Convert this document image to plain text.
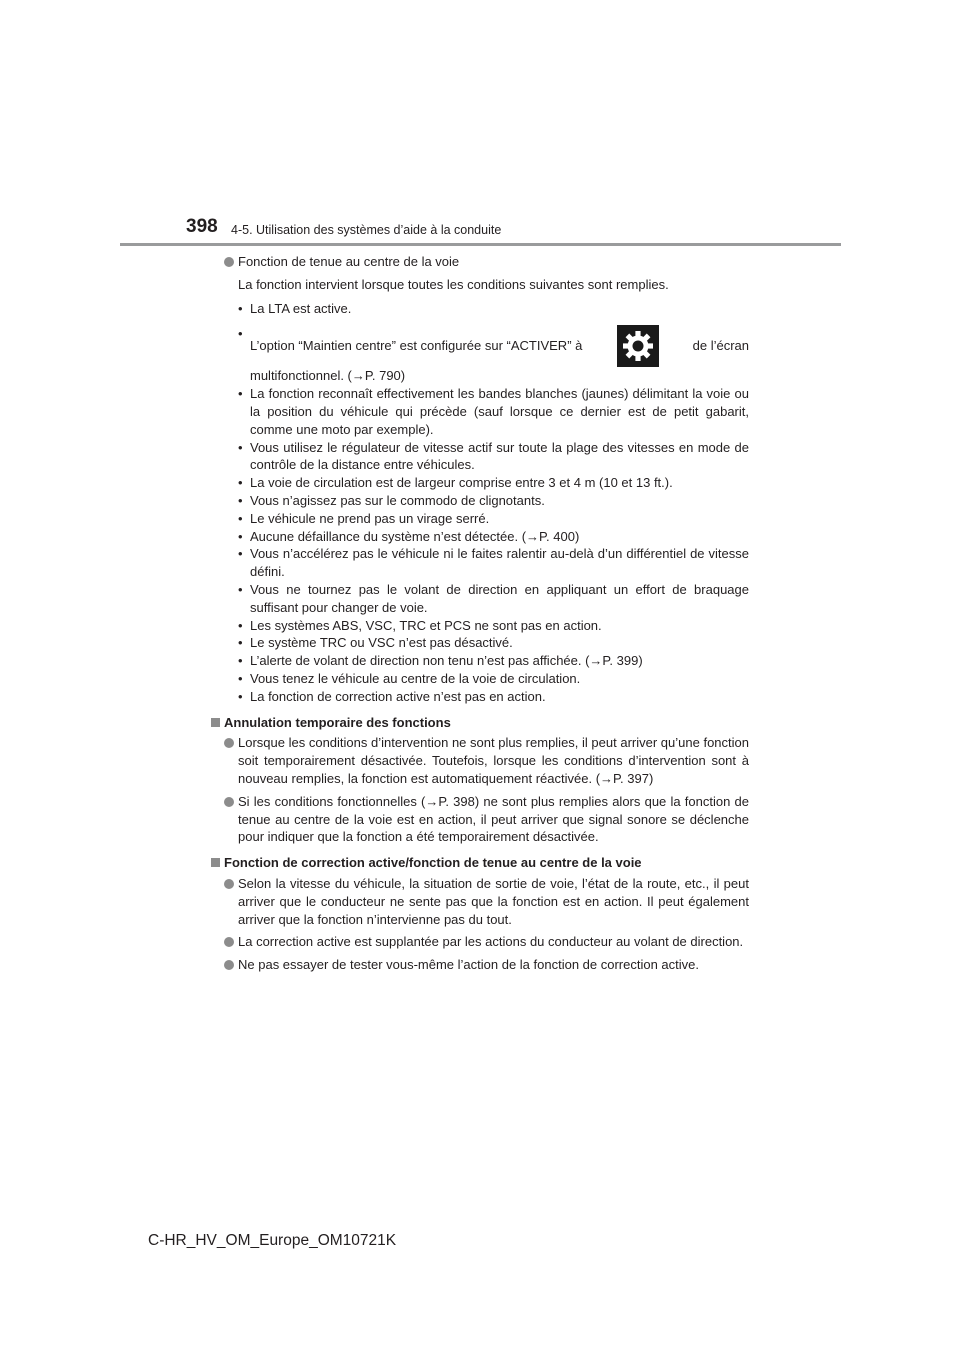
398 4-5. Utilisation des systèmes d’aide à la conduite
Fonction de tenue au centre de la voie
La fonction intervient lorsque toutes les conditions suivantes sont remplies.
• La LTA est active.
• L’option “Maintien centre” est configurée sur “ACTIVER” à	de l’écran
multifonctionnel. (→P. 790)
• La fonction reconnaît effectivement les bandes blanches (jaunes) délimitant la voie ou la position du véhicule qui précède (sauf lorsque ce dernier est de petit gabarit, comme une moto par exemple).
• Vous utilisez le régulateur de vitesse actif sur toute la plage des vitesses en mode de contrôle de la distance entre véhicules.
• La voie de circulation est de largeur comprise entre 3 et 4 m (10 et 13 ft.).
• Vous n’agissez pas sur le commodo de clignotants.
• Le véhicule ne prend pas un virage serré.
• Aucune défaillance du système n’est détectée. (→P. 400)
• Vous n’accélérez pas le véhicule ni le faites ralentir au-delà d’un différentiel de vitesse défini.
• Vous ne tournez pas le volant de direction en appliquant un effort de braquage suffisant pour changer de voie.
• Les systèmes ABS, VSC, TRC et PCS ne sont pas en action.
• Le système TRC ou VSC n’est pas désactivé.
• L’alerte de volant de direction non tenu n’est pas affichée. (→P. 399)
• Vous tenez le véhicule au centre de la voie de circulation.
• La fonction de correction active n’est pas en action.
Annulation temporaire des fonctions
Lorsque les conditions d’intervention ne sont plus remplies, il peut arriver qu’une fonction soit temporairement désactivée. Toutefois, lorsque les conditions d’intervention sont à nouveau remplies, la fonction est automatiquement réactivée. (→P. 397)
Si les conditions fonctionnelles (→P. 398) ne sont plus remplies alors que la fonction de tenue au centre de la voie est en action, il peut arriver que signal sonore se déclenche pour indiquer que la fonction a été temporairement désactivée.
Fonction de correction active/fonction de tenue au centre de la voie
Selon la vitesse du véhicule, la situation de sortie de voie, l’état de la route, etc., il peut arriver que le conducteur ne sente pas que la fonction est en action. Il peut également arriver que la fonction n’intervienne pas du tout.
La correction active est supplantée par les actions du conducteur au volant de direction.
Ne pas essayer de tester vous-même l’action de la fonction de correction active.
C-HR_HV_OM_Europe_OM10721K
